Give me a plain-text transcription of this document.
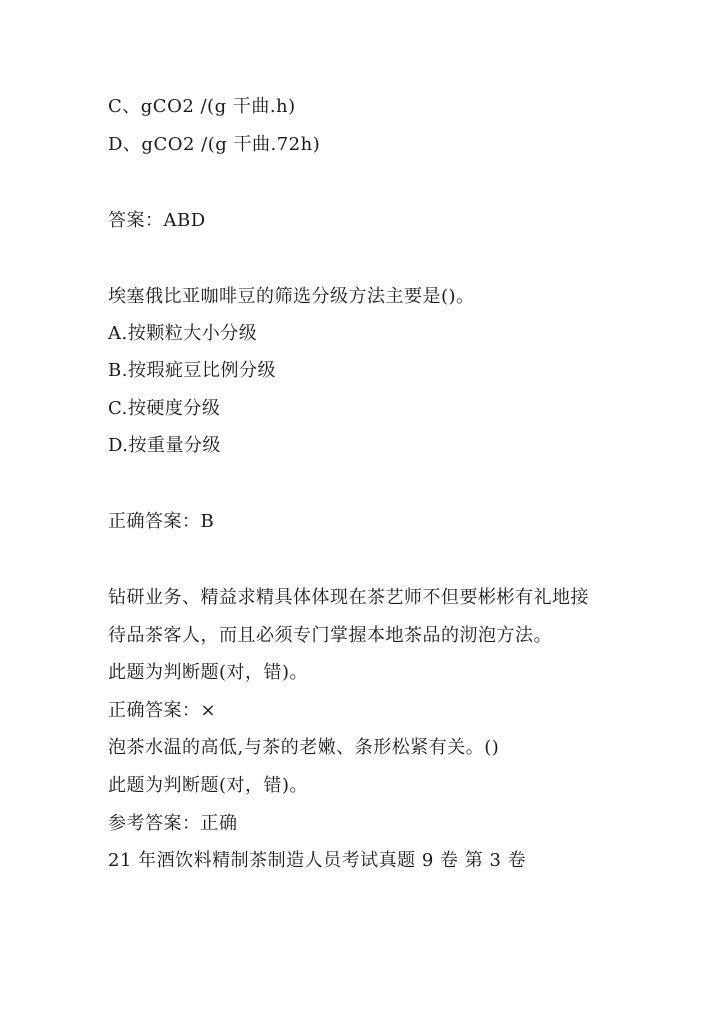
C、gCO2 /(g 干曲.h)
D、gCO2 /(g 干曲.72h)
答案：ABD
埃塞俄比亚咖啡豆的筛选分级方法主要是()。
A.按颗粒大小分级
B.按瑕疵豆比例分级
C.按硬度分级
D.按重量分级
正确答案：B
钻研业务、精益求精具体体现在茶艺师不但要彬彬有礼地接
待品茶客人，而且必须专门掌握本地茶品的沏泡方法。
此题为判断题(对，错)。
正确答案：×
泡茶水温的高低,与茶的老嫩、条形松紧有关。()
此题为判断题(对，错)。
参考答案：正确
21 年酒饮料精制茶制造人员考试真题 9 卷 第 3 卷
